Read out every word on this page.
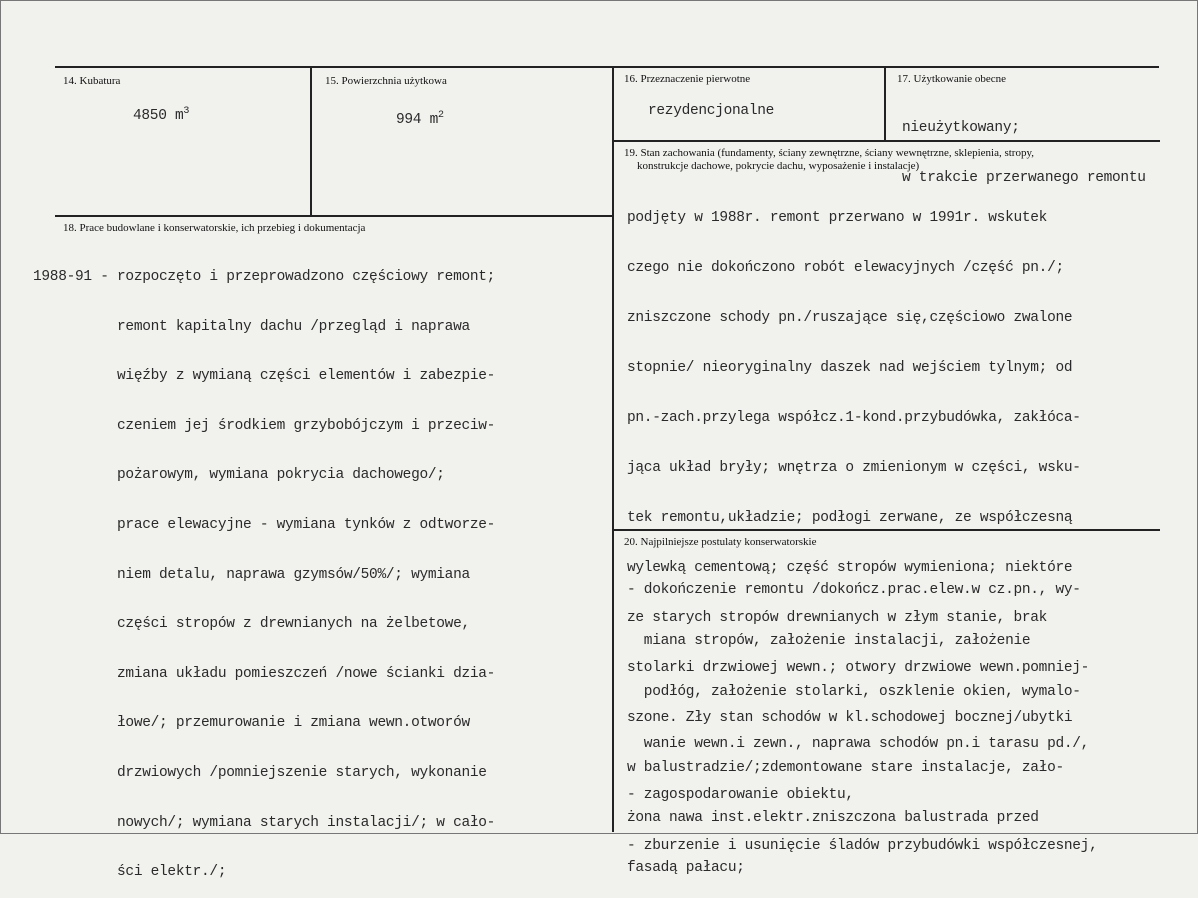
14. Kubatura
4850 $m^3$
15. Powierzchnia użytkowa
994 $m^2$
16. Przeznaczenie pierwotne
rezydencjonalne
17. Użytkowanie obecne

nieużytkowany;

w trakcie przerwanego remontu

18. Prace budowlane i konserwatorskie, ich przebieg i dokumentacja

1988-91 - rozpoczęto i przeprowadzono częściowy remont;

remont kapitalny dachu /przegląd i naprawa

więźby z wymianą części elementów i zabezpie-

czeniem jej środkiem grzybobójczym i przeciw-

pożarowym, wymiana pokrycia dachowego/;

prace elewacyjne - wymiana tynków z odtworze-

niem detalu, naprawa gzymsów/50%/; wymiana

części stropów z drewnianych na żelbetowe,

zmiana układu pomieszczeń /nowe ścianki dzia-

łowe/; przemurowanie i zmiana wewn.otworów

drzwiowych /pomniejszenie starych, wykonanie

nowych/; wymiana starych instalacji/; w cało-

ści elektr./;

19. Stan zachowania (fundamenty, ściany zewnętrzne, ściany wewnętrzne, sklepienia, stropy,
konstrukcje dachowe, pokrycie dachu, wyposażenie i instalacje)

podjęty w 1988r. remont przerwano w 1991r. wskutek

czego nie dokończono robót elewacyjnych /część pn./;

zniszczone schody pn./ruszające się,częściowo zwalone

stopnie/ nieoryginalny daszek nad wejściem tylnym; od

pn.-zach.przylega współcz.1-kond.przybudówka, zakłóca-

jąca układ bryły; wnętrza o zmienionym w części, wsku-

tek remontu,układzie; podłogi zerwane, ze współczesną

wylewką cementową; część stropów wymieniona; niektóre

ze starych stropów drewnianych w złym stanie, brak

stolarki drzwiowej wewn.; otwory drzwiowe wewn.pomniej-

szone. Zły stan schodów w kl.schodowej bocznej/ubytki

w balustradzie/;zdemontowane stare instalacje, zało-

żona nawa inst.elektr.zniszczona balustrada przed

fasadą pałacu;

20. Najpilniejsze postulaty konserwatorskie

- dokończenie remontu /dokończ.prac.elew.w cz.pn., wy-

miana stropów, założenie instalacji, założenie

podłóg, założenie stolarki, oszklenie okien, wymalo-

wanie wewn.i zewn., naprawa schodów pn.i tarasu pd./,

- zagospodarowanie obiektu,

- zburzenie i usunięcie śladów przybudówki współczesnej,
